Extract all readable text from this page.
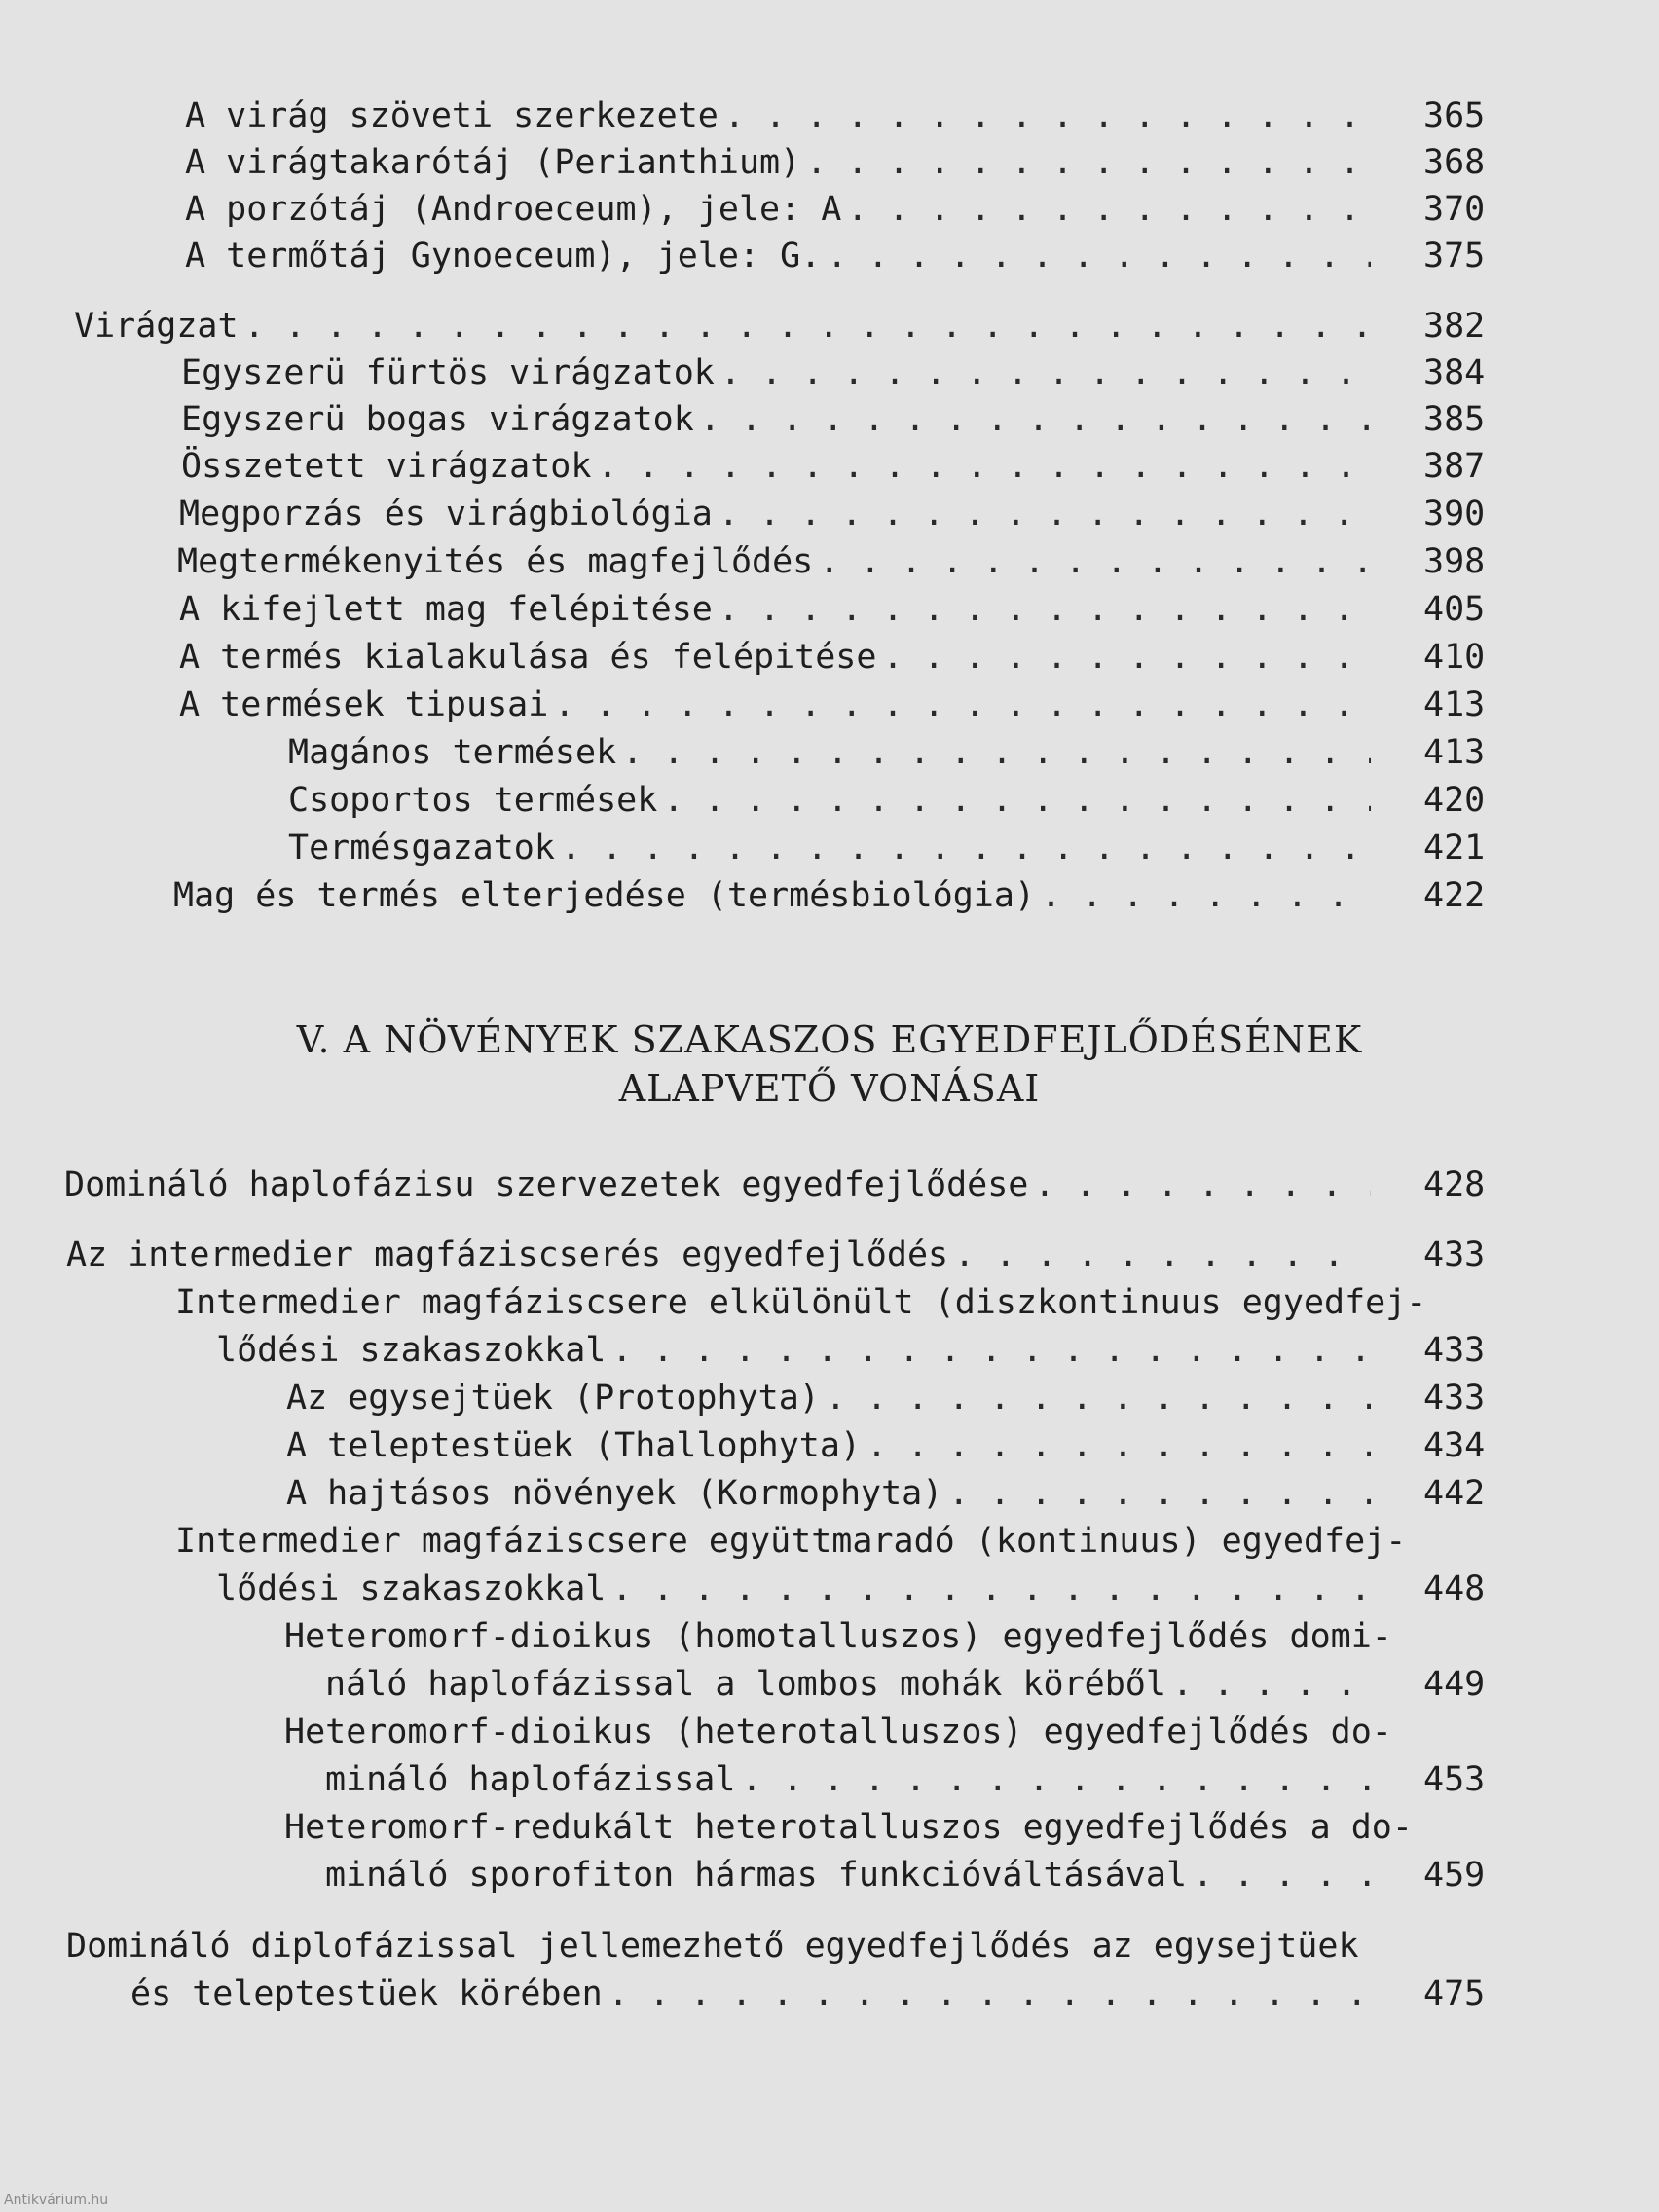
A virág szöveti szerkezete . . .	365
A virágtakarótáj (Perianthium) . . .	368
A porzótáj (Androeceum), jele: A . . .	370
A termőtáj Gynoeceum), jele: G. . . .	375
Virágzat . . .	382
Egyszerü fürtös virágzatok . . .	384
Egyszerü bogas virágzatok . . .	385
Összetett virágzatok . . .	387
Megporzás és virágbiológia . . .	390
Megtermékenyités és magfejlődés . . .	398
A kifejlett mag felépitése . . .	405
A termés kialakulása és felépitése . . .	410
A termések tipusai . . .	413
Magános termések . . .	413
Csoportos termések . . .	420
Termésgazatok . . .	421
Mag és termés elterjedése (termésbiológia) . . .	422
V. A NÖVÉNYEK SZAKASZOS EGYEDFEJLŐDÉSÉNEK
ALAPVETŐ VONÁSAI
Domináló haplofázisu szervezetek egyedfejlődése . . .	428
Az intermedier magfáziscserés egyedfejlődés . . .	433
Intermedier magfáziscsere elkülönült (diszkontinuus egyedfej-
lődési szakaszokkal . . .	433
Az egysejtüek (Protophyta) . . .	433
A teleptestüek (Thallophyta) . . .	434
A hajtásos növények (Kormophyta) . . .	442
Intermedier magfáziscsere együttmaradó (kontinuus) egyedfej-
lődési szakaszokkal . . .	448
Heteromorf-dioikus (homotalluszos) egyedfejlődés domi-
náló haplofázissal a lombos mohák köréből . . .	449
Heteromorf-dioikus (heterotalluszos) egyedfejlődés do-
mináló haplofázissal . . .	453
Heteromorf-redukált heterotalluszos egyedfejlődés a do-
mináló sporofiton hármas funkcióváltásával . . .	459
Domináló diplofázissal jellemezhető egyedfejlődés az egysejtüek
és teleptestüek körében . . .	475
Antikvárium.hu
